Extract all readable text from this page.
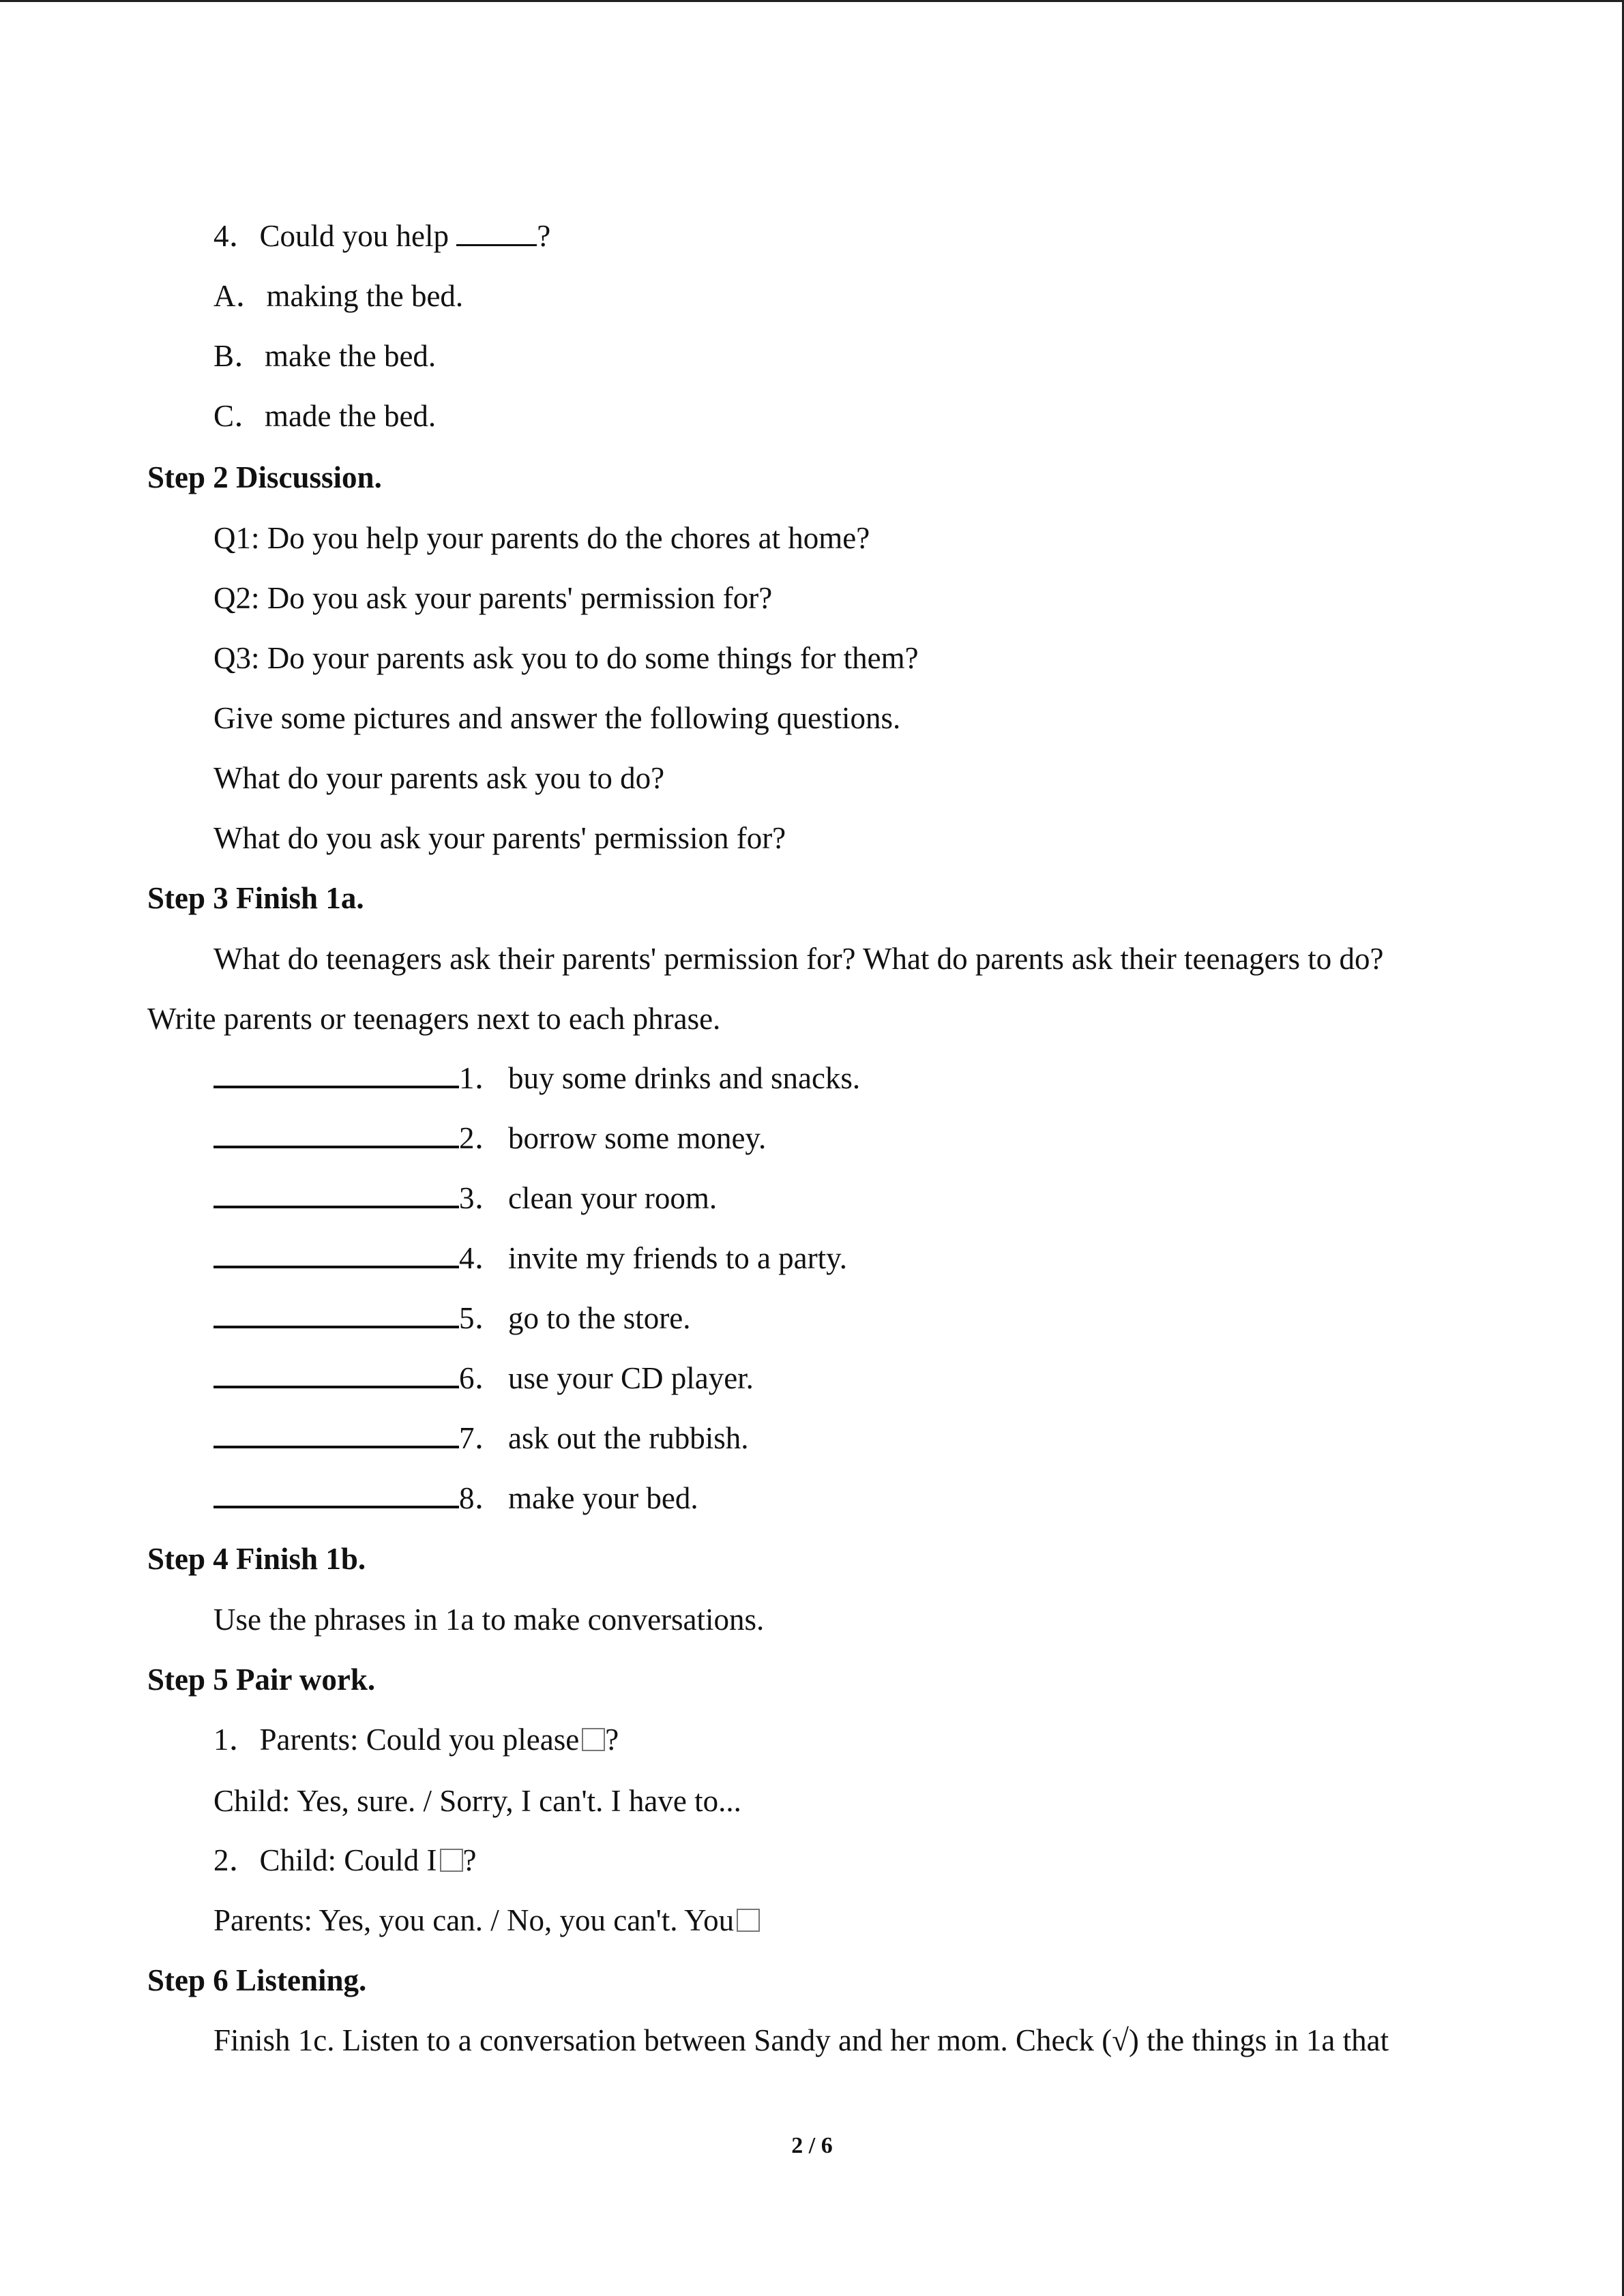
4．Could you help	?
A．making the bed.
B．make the bed.
C．made the bed.
Step 2 Discussion.
Q1: Do you help your parents do the chores at home?
Q2: Do you ask your parents' permission for?
Q3: Do your parents ask you to do some things for them?
Give some pictures and answer the following questions.
What do your parents ask you to do?
What do you ask your parents' permission for?
Step 3 Finish 1a.
What do teenagers ask their parents' permission for? What do parents ask their teenagers to do?
Write parents or teenagers next to each phrase.
1．buy some drinks and snacks.
2．borrow some money.
3．clean your room.
4．invite my friends to a party.
5．go to the store.
6．use your CD player.
7．ask out the rubbish.
8．make your bed.
Step 4 Finish 1b.
Use the phrases in 1a to make conversations.
Step 5 Pair work.
1．Parents: Could you please ?
Child: Yes, sure. / Sorry, I can't. I have to...
2．Child: Could I ?
Parents: Yes, you can. / No, you can't. You
Step 6 Listening.
Finish 1c. Listen to a conversation between Sandy and her mom. Check (√) the things in 1a that
2 / 6
